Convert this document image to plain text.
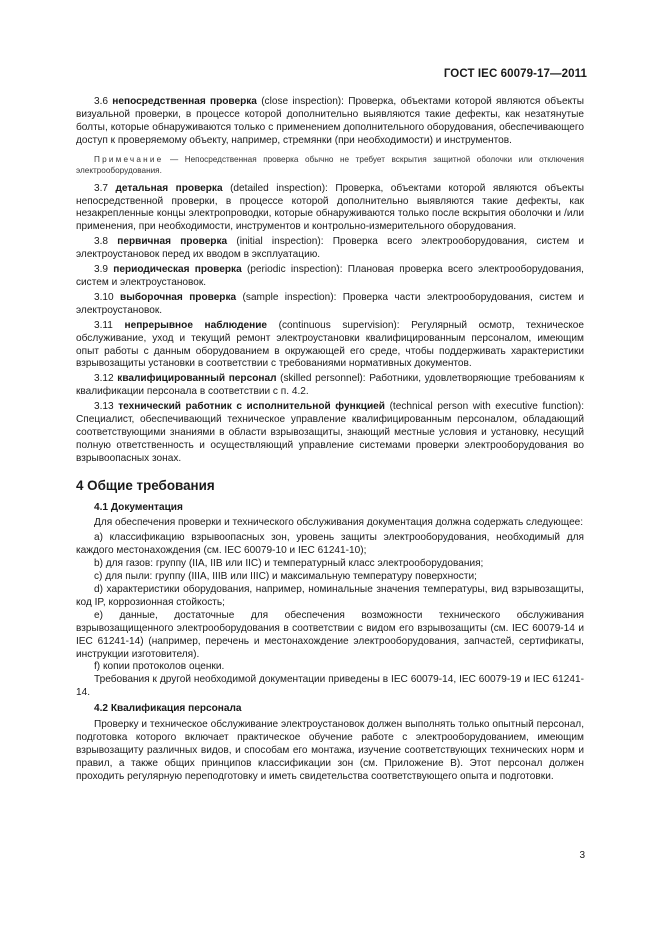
ГОСТ IEC 60079-17—2011

3.6 непосредственная проверка (close inspection): Проверка, объектами которой являются объекты визуальной проверки, в процессе которой дополнительно выявляются такие дефекты, как незатянутые болты, которые обнаруживаются только с применением дополнительного оборудования, обеспечивающего доступ к проверяемому объекту, например, стремянки (при необходимости) и инструментов.

Примечание — Непосредственная проверка обычно не требует вскрытия защитной оболочки или отключения электрооборудования.

3.7 детальная проверка (detailed inspection): Проверка, объектами которой являются объекты непосредственной проверки, в процессе которой дополнительно выявляются такие дефекты, как незакрепленные концы электропроводки, которые обнаруживаются только после вскрытия оболочки и /или применения, при необходимости, инструментов и контрольно-измерительного оборудования.

3.8 первичная проверка (initial inspection): Проверка всего электрооборудования, систем и электроустановок перед их вводом в эксплуатацию.

3.9 периодическая проверка (periodic inspection): Плановая проверка всего электрооборудования, систем и электроустановок.

3.10 выборочная проверка (sample inspection): Проверка части электрооборудования, систем и электроустановок.

3.11 непрерывное наблюдение (continuous supervision): Регулярный осмотр, техническое обслуживание, уход и текущий ремонт электроустановки квалифицированным персоналом, имеющим опыт работы с данным оборудованием в окружающей его среде, чтобы поддерживать характеристики взрывозащиты установки в соответствии с требованиями нормативных документов.

3.12 квалифицированный персонал (skilled personnel): Работники, удовлетворяющие требованиям к квалификации персонала в соответствии с п. 4.2.

3.13 технический работник с исполнительной функцией (technical person with executive function): Специалист, обеспечивающий техническое управление квалифицированным персоналом, обладающий соответствующими знаниями в области взрывозащиты, знающий местные условия и установку, несущий полную ответственность и осуществляющий управление системами проверки электрооборудования во взрывоопасных зонах.

4 Общие требования
4.1 Документация

Для обеспечения проверки и технического обслуживания документация должна содержать следующее:

а) классификацию взрывоопасных зон, уровень защиты электрооборудования, необходимый для каждого местонахождения (см. IEC 60079-10 и IEC 61241-10);

b) для газов: группу (IIA, IIB или IIC) и температурный класс электрооборудования;

c) для пыли: группу (IIIA, IIIB или IIIC) и максимальную температуру поверхности;

d) характеристики оборудования, например, номинальные значения температуры, вид взрывозащиты, код IP, коррозионная стойкость;

e) данные, достаточные для обеспечения возможности технического обслуживания взрывозащищенного электрооборудования в соответствии с видом его взрывозащиты (см. IEC 60079-14 и IEC 61241-14) (например, перечень и местонахождение электрооборудования, запчастей, сертификаты, инструкции изготовителя).

f) копии протоколов оценки.

Требования к другой необходимой документации приведены в IEC 60079-14, IEC 60079-19 и IEC 61241-14.

4.2 Квалификация персонала

Проверку и техническое обслуживание электроустановок должен выполнять только опытный персонал, подготовка которого включает практическое обучение работе с электрооборудованием, имеющим взрывозащиту различных видов, и способам его монтажа, изучение соответствующих технических норм и правил, а также общих принципов классификации зон (см. Приложение В). Этот персонал должен проходить регулярную переподготовку и иметь свидетельства соответствующего опыта и подготовки.

3
